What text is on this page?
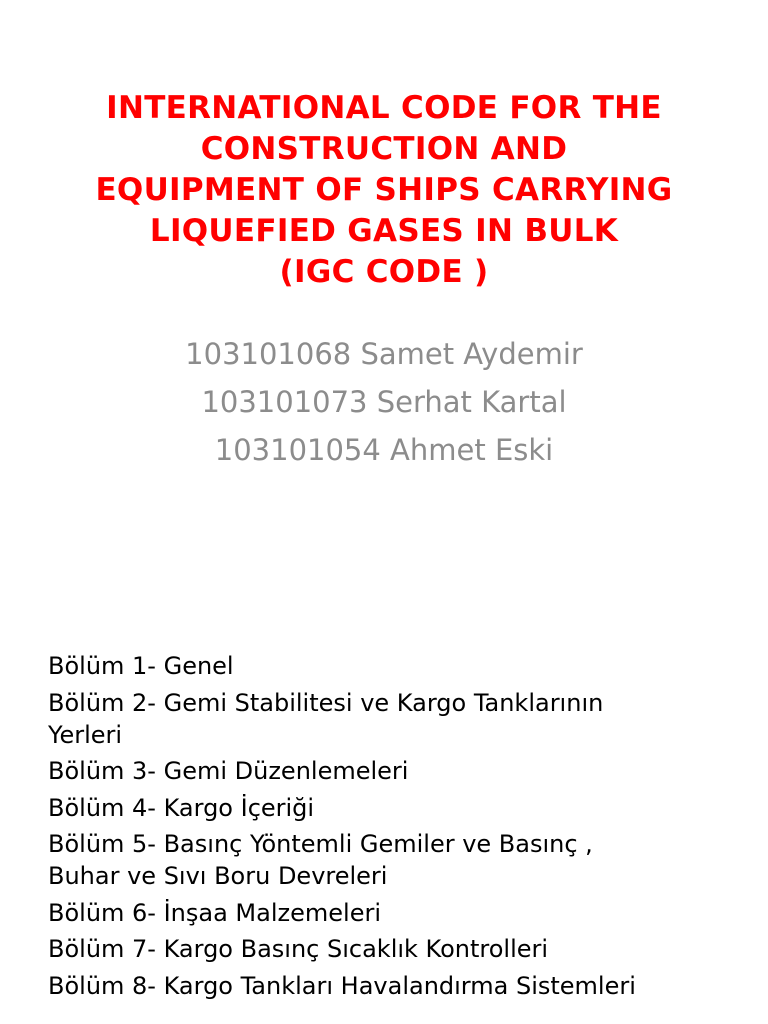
INTERNATIONAL CODE FOR THE
CONSTRUCTION AND
EQUIPMENT OF SHIPS CARRYING
LIQUEFIED GASES IN BULK
(IGC CODE )
103101068 Samet Aydemir
103101073 Serhat Kartal
103101054 Ahmet Eski
Bölüm 1- Genel
Bölüm 2- Gemi Stabilitesi ve Kargo Tanklarının
Yerleri
Bölüm 3- Gemi Düzenlemeleri
Bölüm 4- Kargo İçeriği
Bölüm 5- Basınç Yöntemli Gemiler ve Basınç ,
Buhar ve Sıvı Boru Devreleri
Bölüm 6- İnşaa Malzemeleri
Bölüm 7- Kargo Basınç Sıcaklık Kontrolleri
Bölüm 8- Kargo Tankları Havalandırma Sistemleri
